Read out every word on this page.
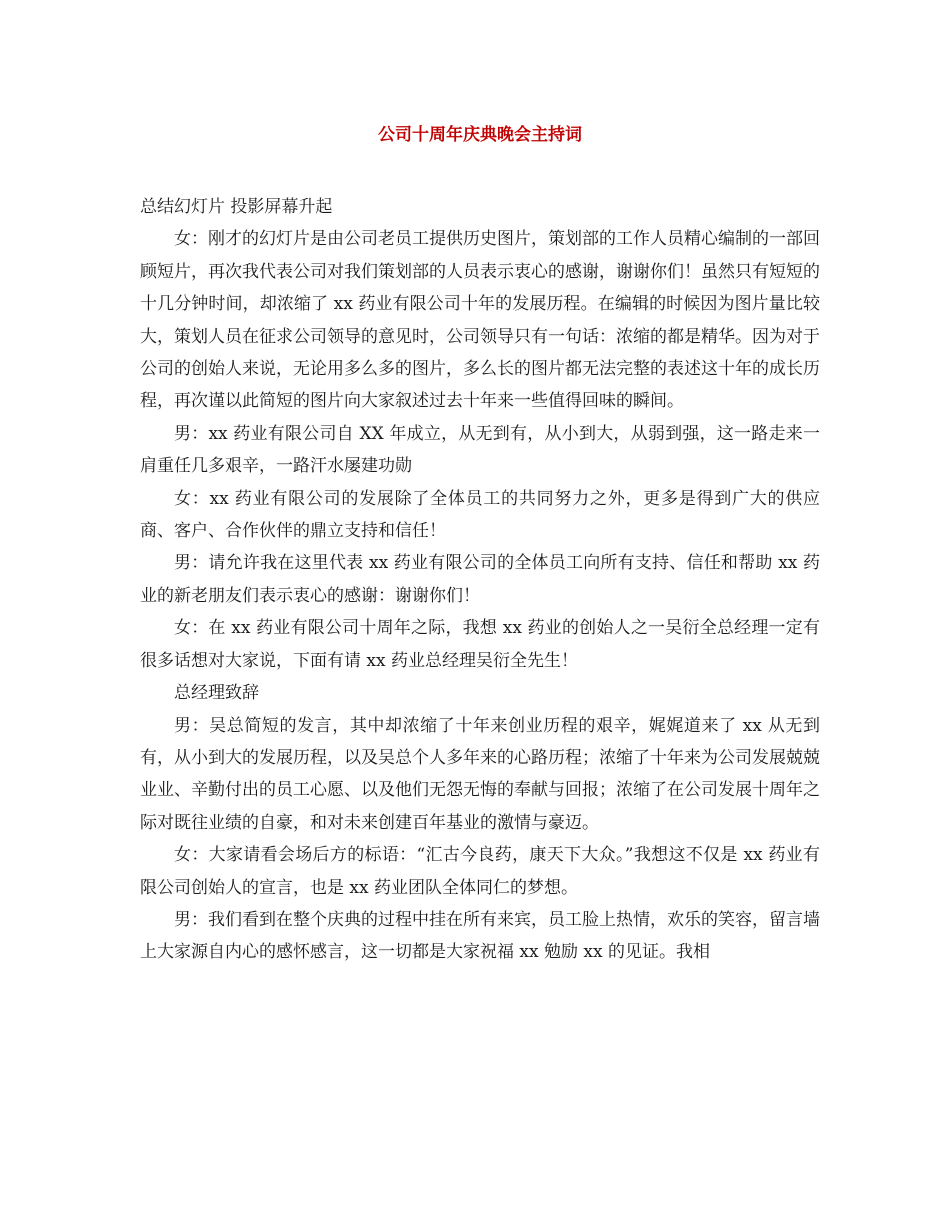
公司十周年庆典晚会主持词

总结幻灯片 投影屏幕升起

女：刚才的幻灯片是由公司老员工提供历史图片，策划部的工作人员精心编制的一部回顾短片，再次我代表公司对我们策划部的人员表示衷心的感谢，谢谢你们！虽然只有短短的十几分钟时间，却浓缩了 xx 药业有限公司十年的发展历程。在编辑的时候因为图片量比较大，策划人员在征求公司领导的意见时，公司领导只有一句话：浓缩的都是精华。因为对于公司的创始人来说，无论用多么多的图片，多么长的图片都无法完整的表述这十年的成长历程，再次谨以此简短的图片向大家叙述过去十年来一些值得回味的瞬间。

男：xx 药业有限公司自 XX 年成立，从无到有，从小到大，从弱到强，这一路走来一肩重任几多艰辛，一路汗水屡建功勋

女：xx 药业有限公司的发展除了全体员工的共同努力之外，更多是得到广大的供应商、客户、合作伙伴的鼎立支持和信任！

男：请允许我在这里代表 xx 药业有限公司的全体员工向所有支持、信任和帮助 xx 药业的新老朋友们表示衷心的感谢：谢谢你们！

女：在 xx 药业有限公司十周年之际，我想 xx 药业的创始人之一吴衍全总经理一定有很多话想对大家说，下面有请 xx 药业总经理吴衍全先生！

总经理致辞

男：吴总简短的发言，其中却浓缩了十年来创业历程的艰辛，娓娓道来了 xx 从无到有，从小到大的发展历程，以及吴总个人多年来的心路历程；浓缩了十年来为公司发展兢兢业业、辛勤付出的员工心愿、以及他们无怨无悔的奉献与回报；浓缩了在公司发展十周年之际对既往业绩的自豪，和对未来创建百年基业的激情与豪迈。

女：大家请看会场后方的标语：“汇古今良药，康天下大众。”我想这不仅是 xx 药业有限公司创始人的宣言，也是 xx 药业团队全体同仁的梦想。

男：我们看到在整个庆典的过程中挂在所有来宾，员工脸上热情，欢乐的笑容，留言墙上大家源自内心的感怀感言，这一切都是大家祝福 xx 勉励 xx 的见证。我相
